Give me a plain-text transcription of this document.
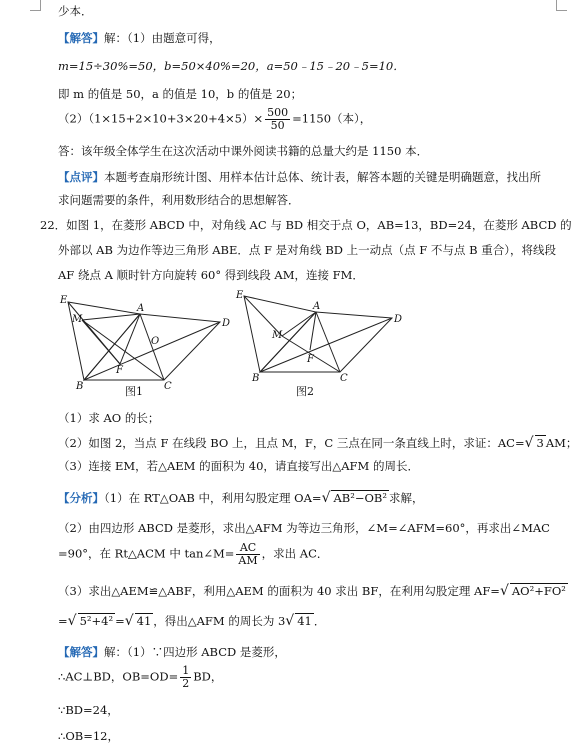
少本．
【解答】解：（1）由题意可得，
m=15÷30%=50，b=50×40%=20，a=50﹣15﹣20﹣5=10．
即 m 的值是 50，a 的值是 10，b 的值是 20；
$(2)(1\times 15+2\times 10+3\times 20+4\times 5)\times \frac{500}{50} =1150$（本），
答：该年级全体学生在这次活动中课外阅读书籍的总量大约是 1150 本．
【点评】本题考查扇形统计图、用样本估计总体、统计表，解答本题的关键是明确题意，找出所
求问题需要的条件，利用数形结合的思想解答．
22．如图 1，在菱形 ABCD 中，对角线 AC 与 BD 相交于点 O，AB=13，BD=24，在菱形 ABCD 的
外部以 AB 为边作等边三角形 ABE．点 F 是对角线 BD 上一动点（点 F 不与点 B 重合），将线段
AF 绕点 A 顺时针方向旋转 60° 得到线段 AM，连接 FM．
E
M
A
D
O
F
B	C
图1
E
M
A
D
F
B	C
图2
（1）求 AO 的长；
（2）如图 2，当点 F 在线段 BO 上，且点 M，F，C 三点在同一条直线上时，求证：AC=√ 3 AM；
（3）连接 EM，若△AEM 的面积为 40，请直接写出△AFM 的周长．
【分析】（1）在 RT△OAB 中，利用勾股定理 OA=√ AB²−OB² 求解，
（2）由四边形 ABCD 是菱形，求出△AFM 为等边三角形，∠M=∠AFM=60°，再求出∠MAC
=90°，在 Rt△ACM 中 tan∠M= $\frac{AC}{AM}$ ，求出 AC．
（3）求出△AEM≌△ABF，利用△AEM 的面积为 40 求出 BF，在利用勾股定理 AF=√ AO²+FO²
=√ 5²+4² =√ 41 ，得出△AFM 的周长为 3√ 41 ．
【解答】解：（1）∵四边形 ABCD 是菱形，
∴AC⊥BD，$OB=OD= \frac{1}{2}$ BD，
∵BD=24，
∴OB=12，
